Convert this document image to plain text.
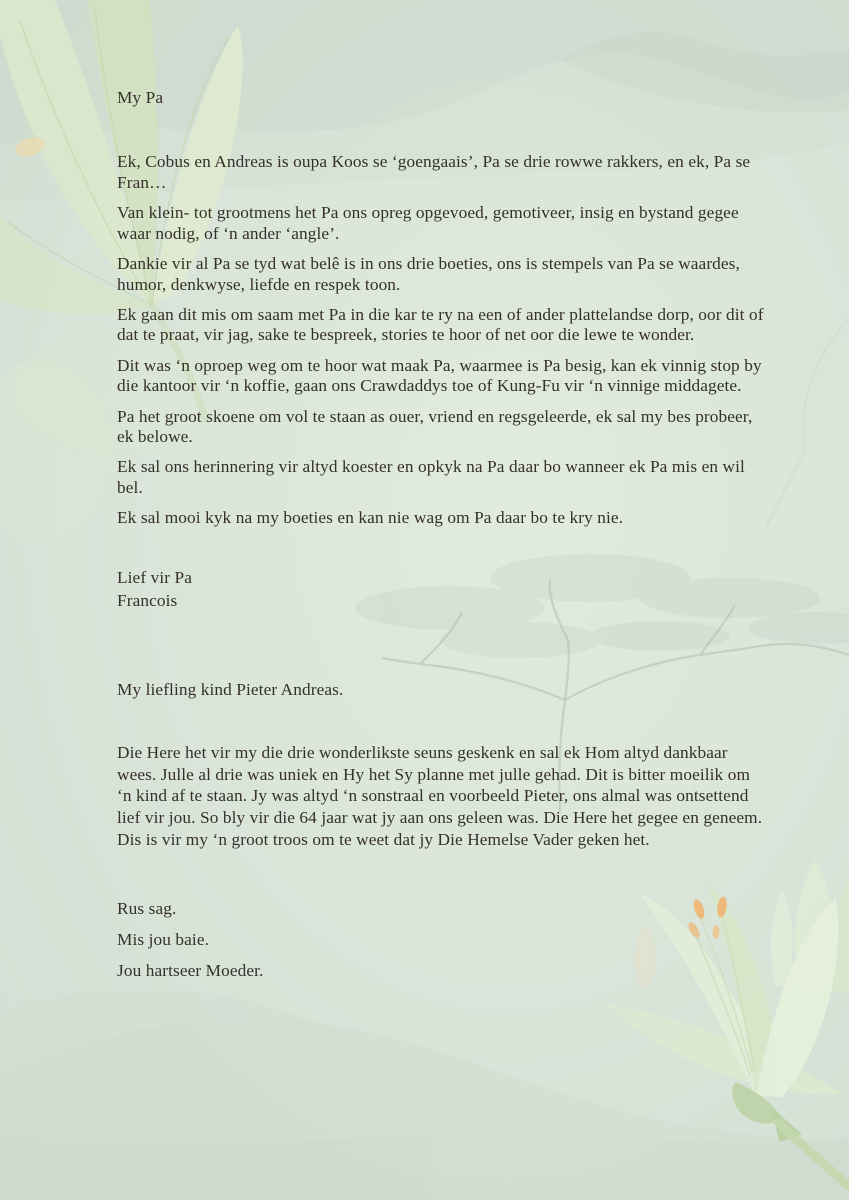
My Pa

Ek, Cobus en Andreas is oupa Koos se ‘goengaais’, Pa se drie rowwe rakkers, en ek, Pa se Fran…

Van klein- tot grootmens het Pa ons opreg opgevoed, gemotiveer, insig en bystand gegee waar nodig, of ‘n ander ‘angle’.

Dankie vir al Pa se tyd wat belê is in ons drie boeties, ons is stempels van Pa se waardes, humor, denkwyse, liefde en respek toon.

Ek gaan dit mis om saam met Pa in die kar te ry na een of ander plattelandse dorp, oor dit of dat te praat, vir jag, sake te bespreek, stories te hoor of net oor die lewe te wonder.

Dit was ‘n oproep weg om te hoor wat maak Pa, waarmee is Pa besig, kan ek vinnig stop by die kantoor vir ‘n koffie, gaan ons Crawdaddys toe of Kung-Fu vir ‘n vinnige middagete.

Pa het groot skoene om vol te staan as ouer, vriend en regsgeleerde, ek sal my bes probeer, ek belowe.

Ek sal ons herinnering vir altyd koester en opkyk na Pa daar bo wanneer ek Pa mis en wil bel.

Ek sal mooi kyk na my boeties en kan nie wag om Pa daar bo te kry nie.

Lief vir Pa

Francois

My liefling kind Pieter Andreas.

Die Here het vir my die drie wonderlikste seuns geskenk en sal ek Hom altyd dankbaar wees. Julle al drie was uniek en Hy het Sy planne met julle gehad. Dit is bitter moeilik om ‘n kind af te staan. Jy was altyd ‘n sonstraal en voorbeeld Pieter, ons almal was ontsettend lief vir jou. So bly vir die 64 jaar wat jy aan ons geleen was. Die Here het gegee en geneem. Dis is vir my ‘n groot troos om te weet dat jy Die Hemelse Vader geken het.

Rus sag.

Mis jou baie.

Jou hartseer Moeder.
